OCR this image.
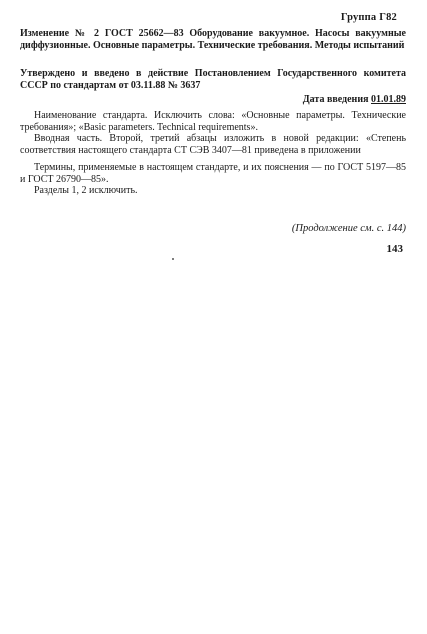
Группа Г82
Изменение № 2 ГОСТ 25662—83 Оборудование вакуумное. Насосы вакуумные диффузионные. Основные параметры. Технические требования. Методы испытаний
Утверждено и введено в действие Постановлением Государственного комитета СССР по стандартам от 03.11.88 № 3637
Дата введения 01.01.89

Наименование стандарта. Исключить слова: «Основные параметры. Технические требования»; «Basic parameters. Technical requirements».

Вводная часть. Второй, третий абзацы изложить в новой редакции: «Степень соответствия настоящего стандарта СТ СЭВ 3407—81 приведена в приложении

Термины, применяемые в настоящем стандарте, и их пояснения — по ГОСТ 5197—85 и ГОСТ 26790—85».

Разделы 1, 2 исключить.

(Продолжение см. с. 144)
143
